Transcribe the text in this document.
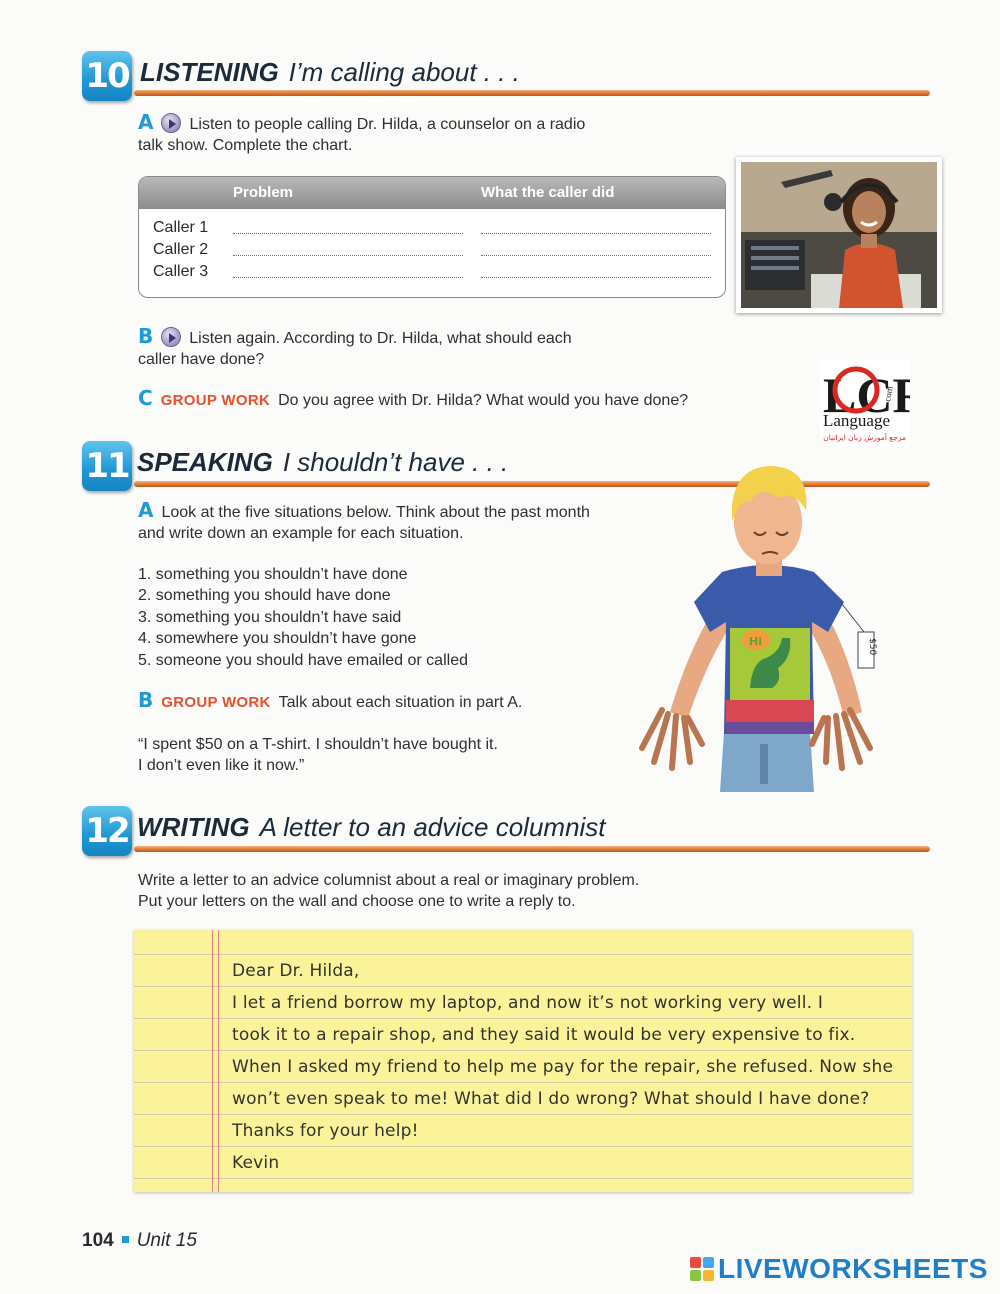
10 LISTENING I’m calling about . . .
A Listen to people calling Dr. Hilda, a counselor on a radio
talk show. Complete the chart.
Problem	What the caller did
Caller 1
Caller 2
Caller 3
B Listen again. According to Dr. Hilda, what should each
caller have done?
C GROUP WORK Do you agree with Dr. Hilda? What would you have done?	LC
com
Language
مرجع آموزش زبان ایرانیان
11 SPEAKING I shouldn’t have . . .
A Look at the five situations below. Think about the past month
and write down an example for each situation.
1. something you shouldn’t have done
2. something you should have done
3. something you shouldn’t have said
4. somewhere you shouldn’t have gone
5. someone you should have emailed or called
B GROUP WORK Talk about each situation in part A.
“I spent $50 on a T-shirt. I shouldn’t have bought it.
I don’t even like it now.”
Hi	$50
12 WRITING A letter to an advice columnist
Write a letter to an advice columnist about a real or imaginary problem.
Put your letters on the wall and choose one to write a reply to.
Dear Dr. Hilda,
I let a friend borrow my laptop, and now it’s not working very well. I
took it to a repair shop, and they said it would be very expensive to fix.
When I asked my friend to help me pay for the repair, she refused. Now she
won’t even speak to me! What did I do wrong? What should I have done?
Thanks for your help!
Kevin
104 Unit 15
LIVEWORKSHEETS
